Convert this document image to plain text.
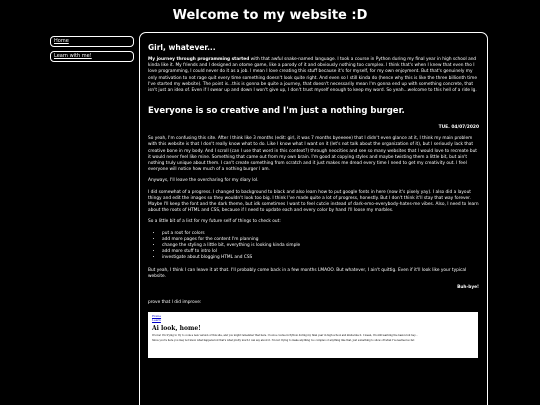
Welcome to my website :D
Home
Learn with me!
Girl, whatever...

My journey through programming started with that awful snake-named language. I took a course in Python during my final year in high school and kinda like it. My friends and I designed an otome game, like a parody of it and obviously nothing too complex. I think that's when I knew that even tho I love programming, I could never do it as a job. I mean I love creating this stuff because it's for myself, for my own enjoyment. But that's genuinely my only motivation to not rage quit every time something doesn't look quite right. And even so I still kinda do (hence why this is like the three billionth time I've started my website). The point is...this is gonna be quite a journey, that doesn't necessarily mean I'm gonna end up with something concrete, that isn't just an idea of. Even if I swear up and down I won't give up, I don't trust myself enough to keep my word. So yeah...welcome to this hell of a ride lg.

Everyone is so creative and I'm just a nothing burger.
TUE. 04/07/2020

So yeah, I'm confusing this site. After I think like 3 months (edit: girl, it was 7 months byeeeee) that I didn't even glance at it, I think my main problem with this website is that I don't really know what to do. Like I know what I want on it (let's not talk about the organization of it), but I seriously lack that creative bone in my body. And I scroll (can I use that word in this context?) through neocities and see so many websites that I would love to recreate but it would never feel like mine. Something that came out from my own brain. I'm good at copying styles and maybe twisting them a little bit, but ain't nothing truly unique about them. I can't create something from scratch and it just makes me dread every time I need to get my creativity out. I feel everyone will notice how much of a nothing burger I am.

Anyways, I'll leave the overcharing for my diary lol.

I did somewhat of a progress. I changed to background to black and also learn how to put google fonts in here (now it's pixely yay). I also did a layout thingy and edit the images so they wouldn't look too big. I think I've made quite a lot of progress, honestly. But I don't think it'll stay that way forever. Maybe I'll keep the font and the dark theme, but idk sometimes I want to feel cutcie instead of dark-emo-everybody-hates-me vibes. Also, I need to learn about the roots of HTML and CSS, because if I need to update each and every color by hand I'll loose my marbles.

So a little bit of a list for my future self of things to check out:

• put a root for colors
• add more pages for the content I'm planning
• change the styling a little bit, everything is looking kinda simple
• add more stuff to intro lol
• investigate about blogging HTML and CSS

But yeah, I think I can leave it at that. I'll probably come back in a few months LMAOO. But whatever, I ain't quittig. Even if it'll look like your typical website.

Buh-bye!

prove that I did improve:

Home
Learn
Ai look, home!

It's me! I'm trying to try to code a new version of this site, and you might remember that here. I took a course in Python during my final year in high school and kinda like it. I mean, I'm still learning the basics but hey...

Since you're here you may not know what happens but that's what pretty much I can say about it. I'm not trying to make anything too complex or anything like that, just something to show off what I've learned so far.
